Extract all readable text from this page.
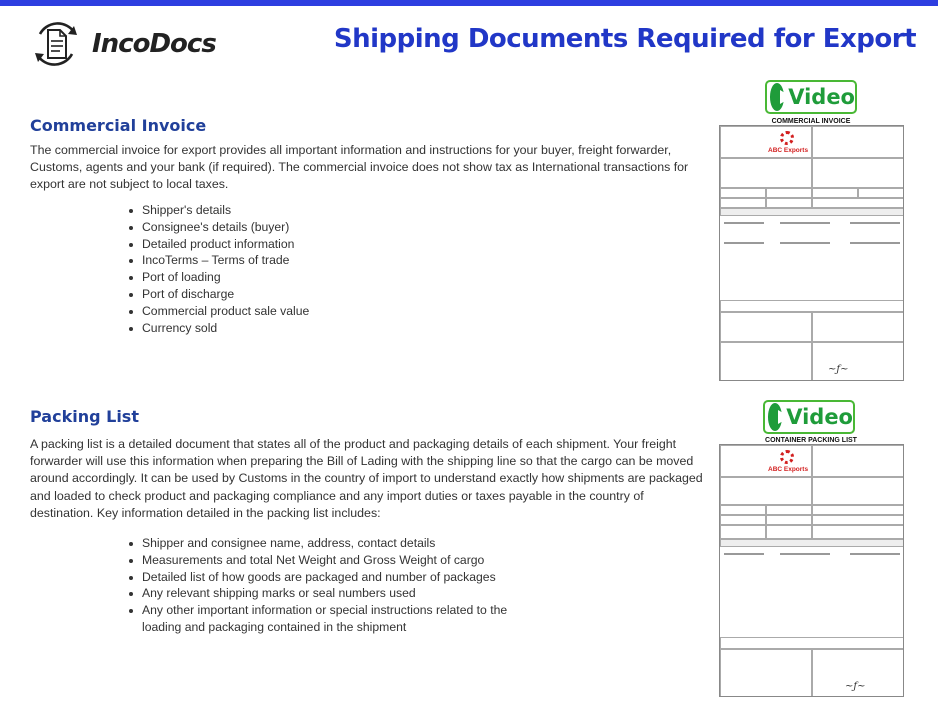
IncoDocs	Shipping Documents Required for Export
Commercial Invoice
The commercial invoice for export provides all important information and instructions for your buyer, freight forwarder, Customs, agents and your bank (if required). The commercial invoice does not show tax as International transactions for export are not subject to local taxes.
Shipper's details
Consignee's details (buyer)
Detailed product information
IncoTerms – Terms of trade
Port of loading
Port of discharge
Commercial product sale value
Currency sold
Video
COMMERCIAL INVOICE
ABC Exports
~ƒ~
Packing List
A packing list is a detailed document that states all of the product and packaging details of each shipment. Your freight forwarder will use this information when preparing the Bill of Lading with the shipping line so that the cargo can be moved around accordingly. It can be used by Customs in the country of import to understand exactly how shipments are packaged and loaded to check product and packaging compliance and any import duties or taxes payable in the country of destination. Key information detailed in the packing list includes:
Shipper and consignee name, address, contact details
Measurements and total Net Weight and Gross Weight of cargo
Detailed list of how goods are packaged and number of packages
Any relevant shipping marks or seal numbers used
Any other important information or special instructions related to the loading and packaging contained in the shipment
Video
CONTAINER PACKING LIST
ABC Exports
~ƒ~
